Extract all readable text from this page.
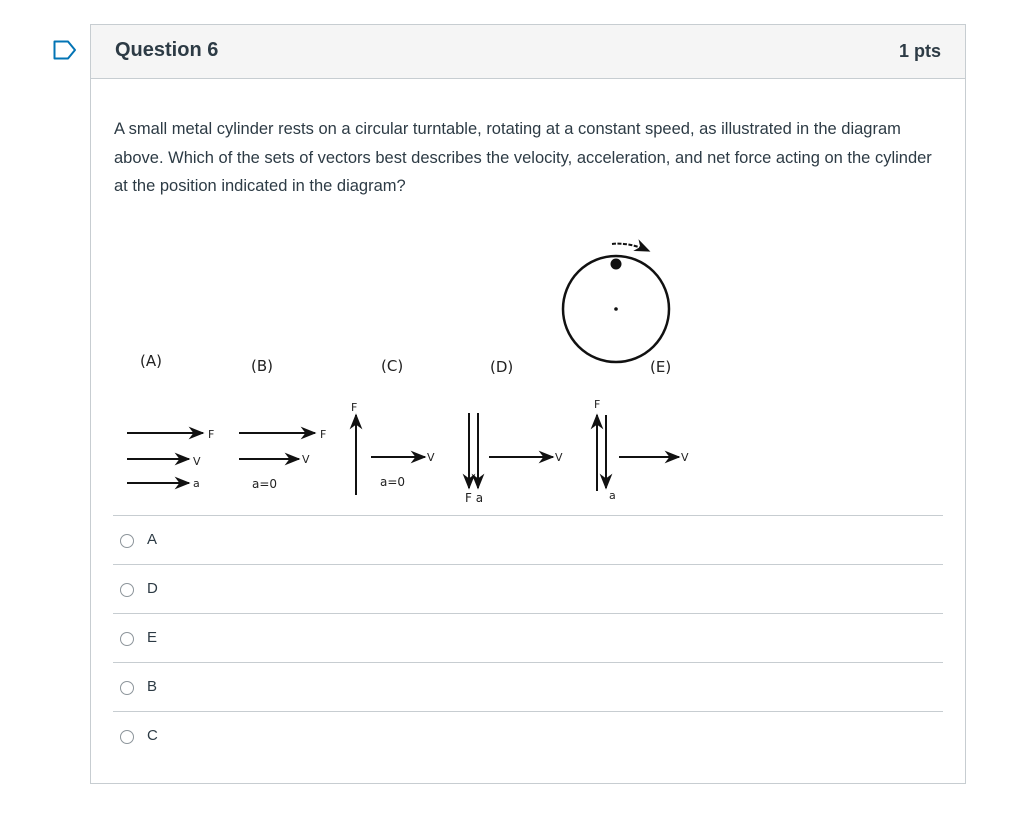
Question 6	1 pts
A small metal cylinder rests on a circular turntable, rotating at a constant speed, as illustrated in the diagram above. Which of the sets of vectors best describes the velocity, acceleration, and net force acting on the cylinder at the position indicated in the diagram?
(A)	(B)	(C)	(D)	(E)
F
V
a
F
V
a=0
F
V
a=0
F a
V
F
a
V
A
D
E
B
C
